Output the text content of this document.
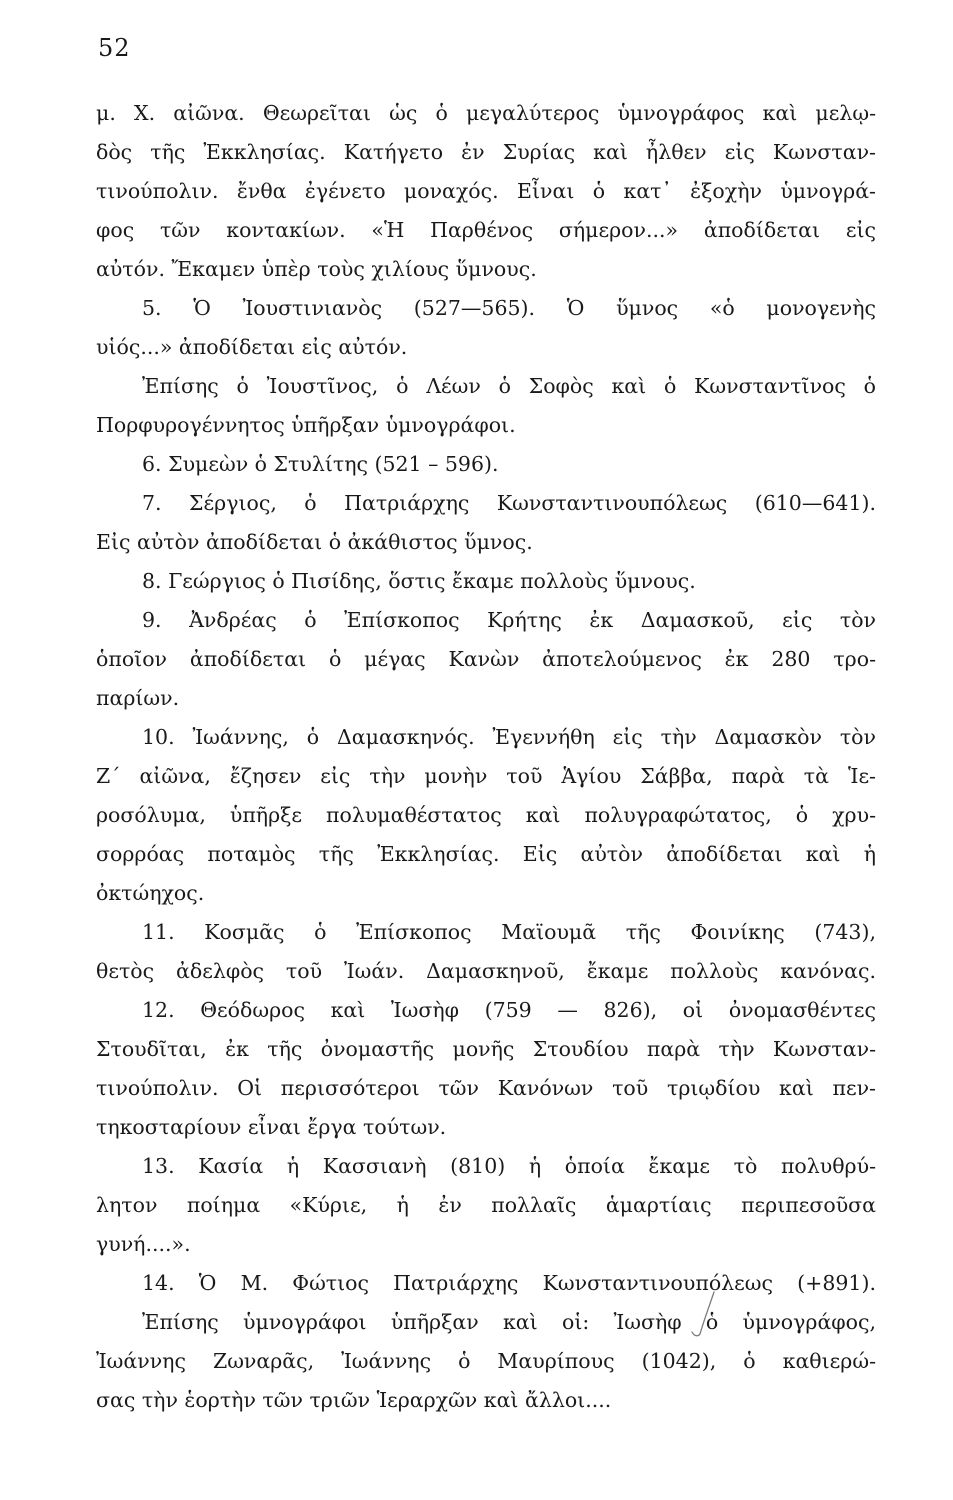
52
μ. Χ. αἰῶνα. Θεωρεῖται ὡς ὁ μεγαλύτερος ὑμνογράφος καὶ μελῳ-
δὸς τῆς Ἐκκλησίας. Κατήγετο ἐν Συρίας καὶ ἦλθεν εἰς Κωνσταν-
τινούπολιν. ἔνθα ἐγένετο μοναχός. Εἶναι ὁ κατ᾽ ἐξοχὴν ὑμνογρά-
φος τῶν κοντακίων. «Ἡ Παρθένος σήμερον...» ἀποδίδεται εἰς
αὐτόν. Ἔκαμεν ὑπὲρ τοὺς χιλίους ὕμνους.
5. Ὁ Ἰουστινιανὸς (527—565). Ὁ ὕμνος «ὁ μονογενὴς
υἱός...» ἀποδίδεται εἰς αὐτόν.
Ἐπίσης ὁ Ἰουστῖνος, ὁ Λέων ὁ Σοφὸς καὶ ὁ Κωνσταντῖνος ὁ
Πορφυρογέννητος ὑπῆρξαν ὑμνογράφοι.
6. Συμεὼν ὁ Στυλίτης (521 – 596).
7. Σέργιος, ὁ Πατριάρχης Κωνσταντινουπόλεως (610—641).
Εἰς αὐτὸν ἀποδίδεται ὁ ἀκάθιστος ὕμνος.
8. Γεώργιος ὁ Πισίδης, ὅστις ἔκαμε πολλοὺς ὕμνους.
9. Ἀνδρέας ὁ Ἐπίσκοπος Κρήτης ἐκ Δαμασκοῦ, εἰς τὸν
ὁποῖον ἀποδίδεται ὁ μέγας Κανὼν ἀποτελούμενος ἐκ 280 τρο-
παρίων.
10. Ἰωάννης, ὁ Δαμασκηνός. Ἐγεννήθη εἰς τὴν Δαμασκὸν τὸν
Ζ´ αἰῶνα, ἔζησεν εἰς τὴν μονὴν τοῦ Ἁγίου Σάββα, παρὰ τὰ Ἱε-
ροσόλυμα, ὑπῆρξε πολυμαθέστατος καὶ πολυγραφώτατος, ὁ χρυ-
σορρόας ποταμὸς τῆς Ἐκκλησίας. Εἰς αὐτὸν ἀποδίδεται καὶ ἡ
ὀκτώηχος.
11. Κοσμᾶς ὁ Ἐπίσκοπος Μαϊουμᾶ τῆς Φοινίκης (743),
θετὸς ἀδελφὸς τοῦ Ἰωάν. Δαμασκηνοῦ, ἔκαμε πολλοὺς κανόνας.
12. Θεόδωρος καὶ Ἰωσὴφ (759 — 826), οἱ ὀνομασθέντες
Στουδῖται, ἐκ τῆς ὀνομαστῆς μονῆς Στουδίου παρὰ τὴν Κωνσταν-
τινούπολιν. Οἱ περισσότεροι τῶν Κανόνων τοῦ τριῳδίου καὶ πεν-
τηκοσταρίουν εἶναι ἔργα τούτων.
13. Κασία ἡ Κασσιανὴ (810) ἡ ὁποία ἔκαμε τὸ πολυθρύ-
λητον ποίημα «Κύριε, ἡ ἐν πολλαῖς ἁμαρτίαις περιπεσοῦσα
γυνή....».
14. Ὁ Μ. Φώτιος Πατριάρχης Κωνσταντινουπόλεως (+891).
Ἐπίσης ὑμνογράφοι ὑπῆρξαν καὶ οἱ: Ἰωσὴφ ὁ ὑμνογράφος,
Ἰωάννης Ζωναρᾶς, Ἰωάννης ὁ Μαυρίπους (1042), ὁ καθιερώ-
σας τὴν ἑορτὴν τῶν τριῶν Ἱεραρχῶν καὶ ἄλλοι....
